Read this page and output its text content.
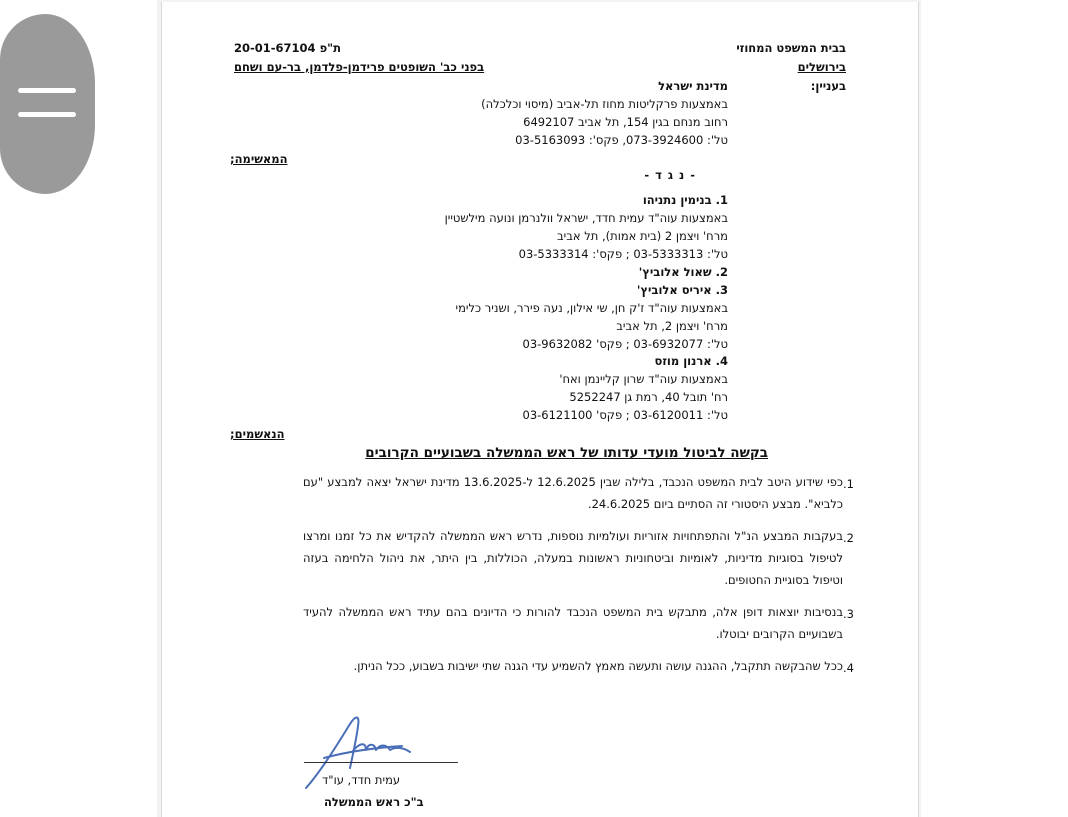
בבית המשפט המחוזי
בירושלים
בעניין:
ת"פ 20-01-67104
בפני כב' השופטים פרידמן-פלדמן, בר-עם ושחם
מדינת ישראל
באמצעות פרקליטות מחוז תל-אביב (מיסוי וכלכלה)
רחוב מנחם בגין 154, תל אביב 6492107
טל': 073-3924600, פקס': 03-5163093
המאשימה;
- נ ג ד -
1. בנימין נתניהו
באמצעות עוה"ד עמית חדד, ישראל וולנרמן ונועה מילשטיין
מרח' ויצמן 2 (בית אמות), תל אביב
טל': 03-5333313 ; פקס': 03-5333314
2. שאול אלוביץ'
3. איריס אלוביץ'
באמצעות עוה"ד ז'ק חן, שי אילון, נעה פירר, ושניר כלימי
מרח' ויצמן 2, תל אביב
טל': 03-6932077 ; פקס' 03-9632082
4. ארנון מוזס
באמצעות עוה"ד שרון קליינמן ואח'
רח' תובל 40, רמת גן 5252247
טל': 03-6120011 ; פקס' 03-6121100
הנאשמים;
בקשה לביטול מועדי עדותו של ראש הממשלה בשבועיים הקרובים
1.
כפי שידוע היטב לבית המשפט הנכבד, בלילה שבין 12.6.2025 ל-13.6.2025 מדינת ישראל יצאה למבצע "עם כלביא". מבצע היסטורי זה הסתיים ביום 24.6.2025.
2.
בעקבות המבצע הנ"ל והתפתחויות אזוריות ועולמיות נוספות, נדרש ראש הממשלה להקדיש את כל זמנו ומרצו לטיפול בסוגיות מדיניות, לאומיות וביטחוניות ראשונות במעלה, הכוללות, בין היתר, את ניהול הלחימה בעזה וטיפול בסוגיית החטופים.
3.
בנסיבות יוצאות דופן אלה, מתבקש בית המשפט הנכבד להורות כי הדיונים בהם עתיד ראש הממשלה להעיד בשבועיים הקרובים יבוטלו.
4.
ככל שהבקשה תתקבל, ההגנה עושה ותעשה מאמץ להשמיע עדי הגנה שתי ישיבות בשבוע, ככל הניתן.
עמית חדד, עו"ד
ב"כ ראש הממשלה
